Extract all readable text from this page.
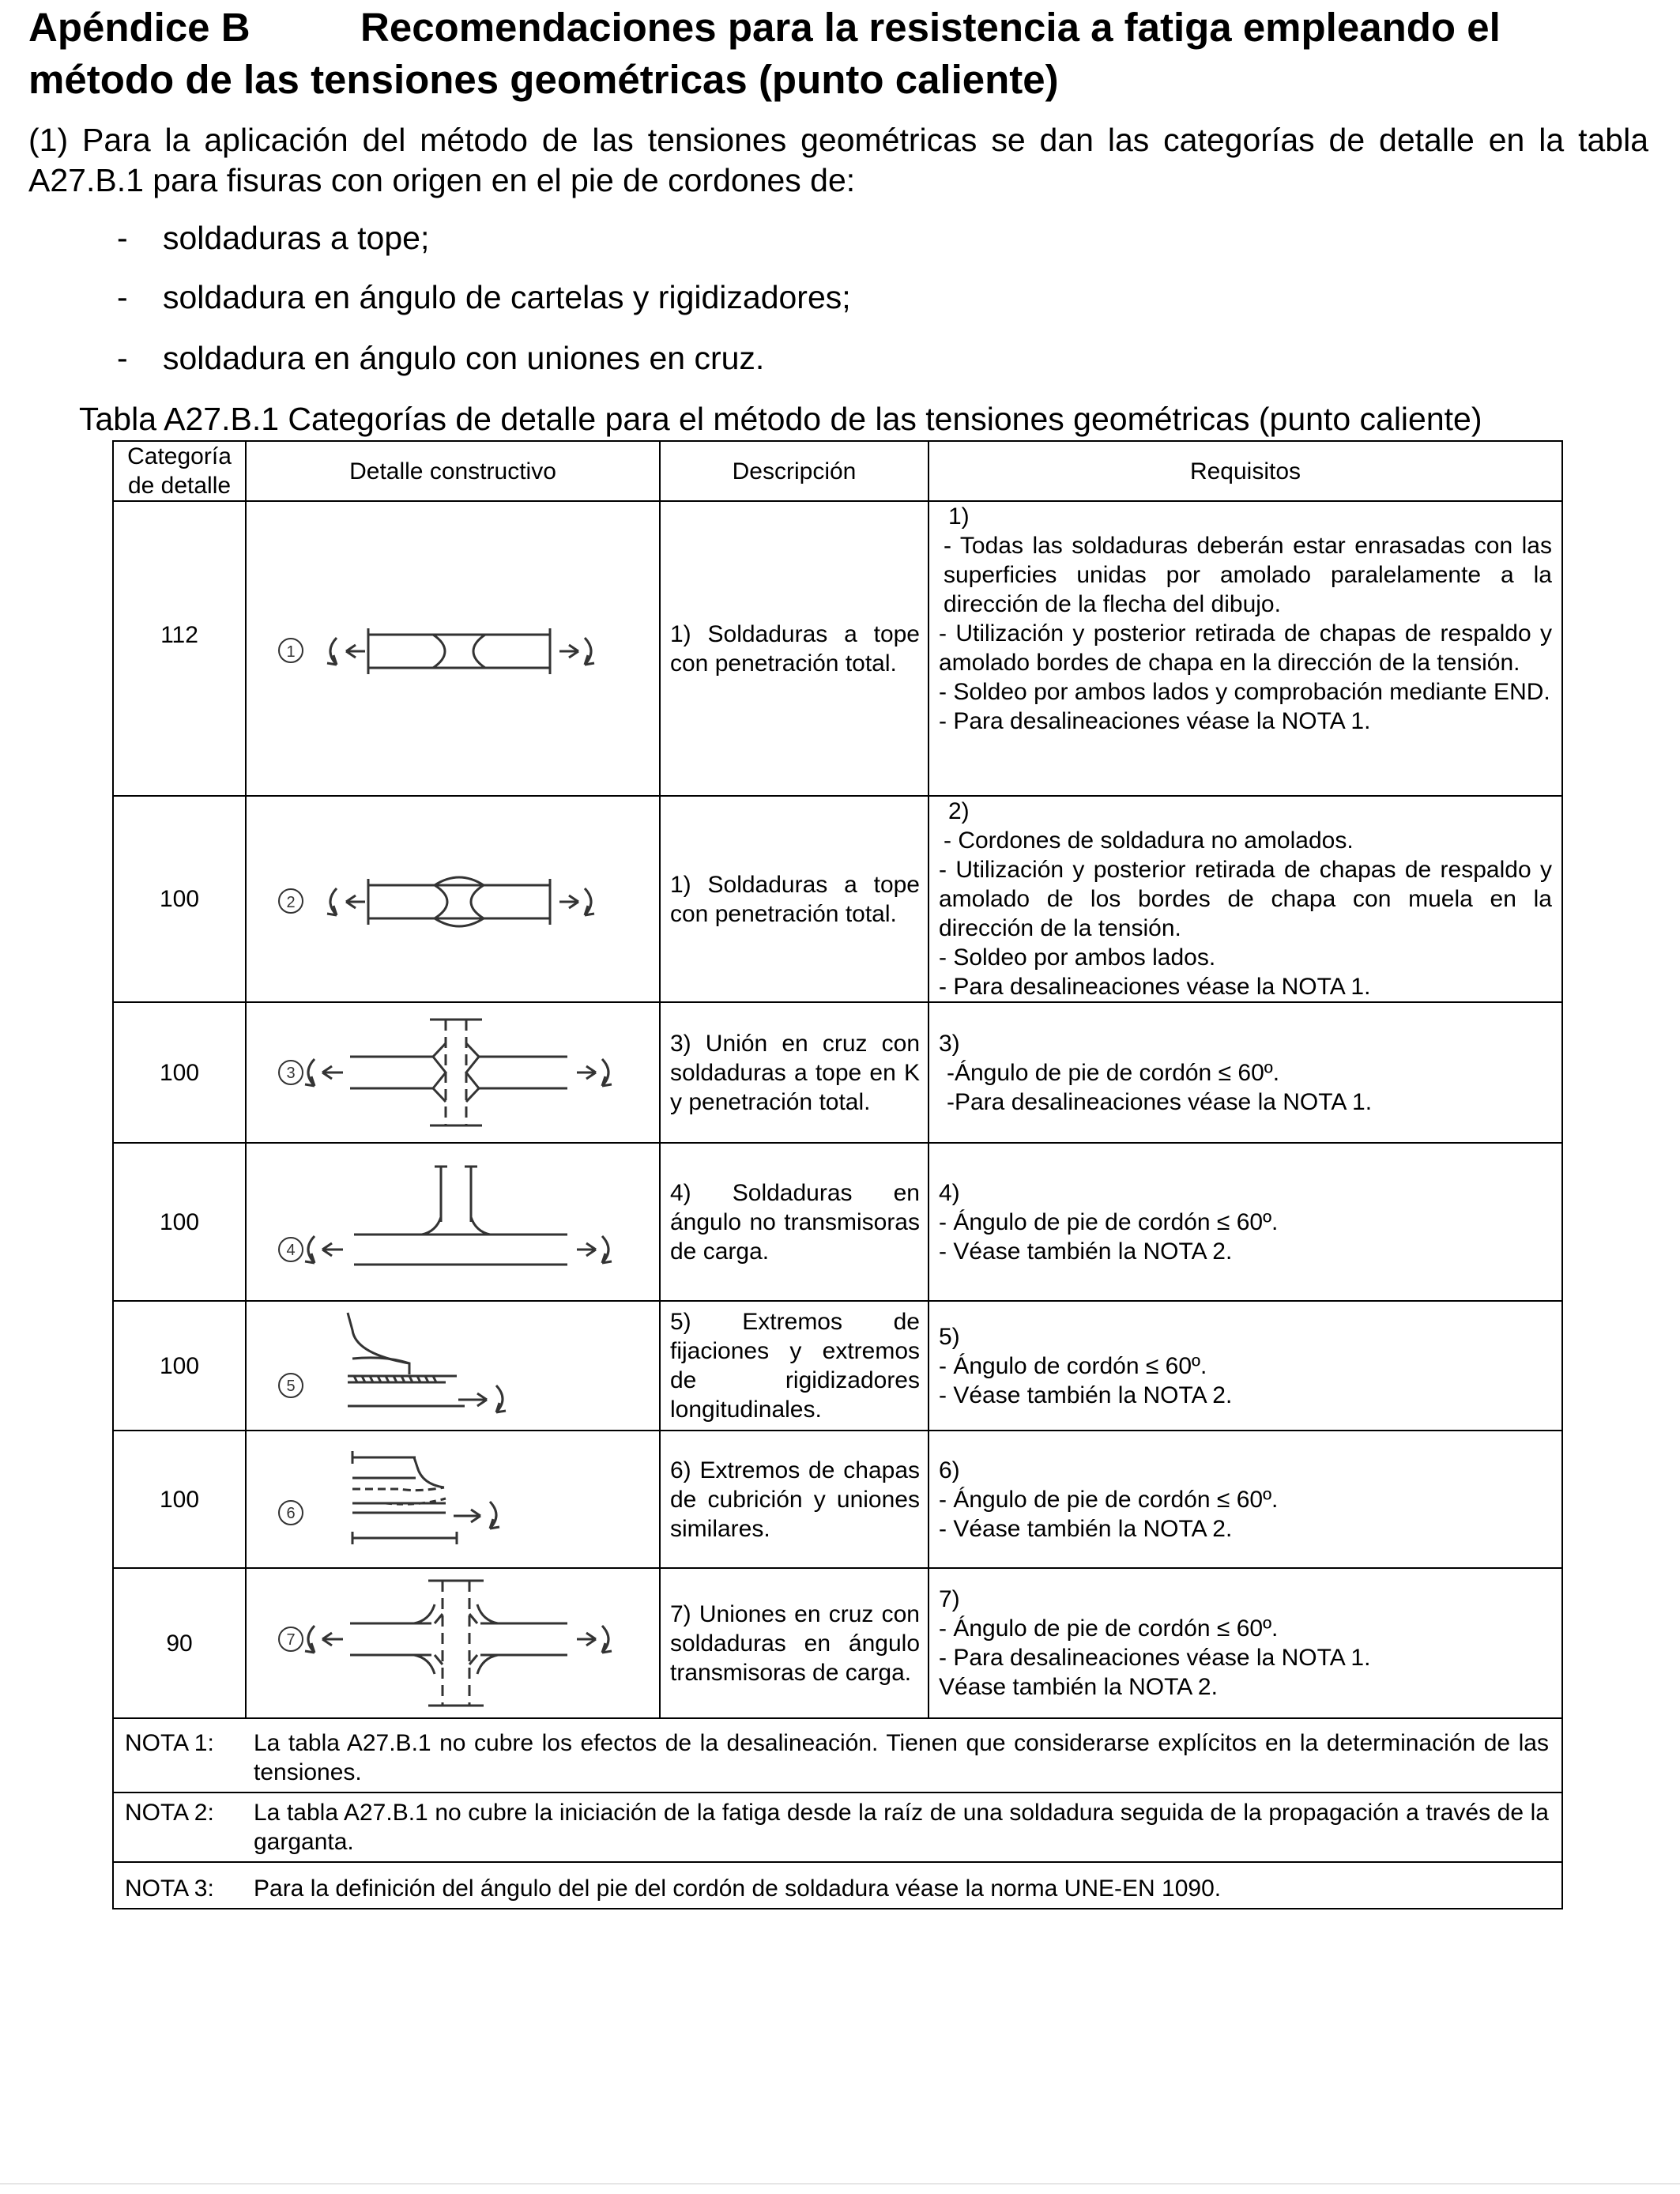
Apéndice B	Recomendaciones para la resistencia a fatiga empleando el método de las tensiones geométricas (punto caliente)

(1) Para la aplicación del método de las tensiones geométricas se dan las categorías de detalle en la tabla A27.B.1 para fisuras con origen en el pie de cordones de:

- soldaduras a tope;

- soldadura en ángulo de cartelas y rigidizadores;

- soldadura en ángulo con uniones en cruz.

Tabla A27.B.1 Categorías de detalle para el método de las tensiones geométricas (punto caliente)

Categoría de detalle	Detalle constructivo	Descripción	Requisitos
112	1	1) Soldaduras a tope con penetración total.	1)
- Todas las soldaduras deberán estar enrasadas con las superficies unidas por amolado paralelamente a la dirección de la flecha del dibujo.
- Utilización y posterior retirada de chapas de respaldo y amolado bordes de chapa en la dirección de la tensión.
- Soldeo por ambos lados y comprobación mediante END.
- Para desalineaciones véase la NOTA 1.

100	2	1) Soldaduras a tope con penetración total.	2)
- Cordones de soldadura no amolados.
- Utilización y posterior retirada de chapas de respaldo y amolado de los bordes de chapa con muela en la dirección de la tensión.
- Soldeo por ambos lados.
- Para desalineaciones véase la NOTA 1.

100	3	3) Unión en cruz con soldaduras a tope en K y penetración total.	3)
-Ángulo de pie de cordón ≤ 60º.
-Para desalineaciones véase la NOTA 1.

100	4	4) Soldaduras en ángulo no transmisoras de carga.	4)
- Ángulo de pie de cordón ≤ 60º.
- Véase también la NOTA 2.

100	5	5) Extremos de fijaciones y extremos de rigidizadores longitudinales.	5)
- Ángulo de cordón ≤ 60º.
- Véase también la NOTA 2.

100	6	6) Extremos de chapas de cubrición y uniones similares.	6)
- Ángulo de pie de cordón ≤ 60º.
- Véase también la NOTA 2.

90	7	7) Uniones en cruz con soldaduras en ángulo transmisoras de carga.	7)
- Ángulo de pie de cordón ≤ 60º.
- Para desalineaciones véase la NOTA 1.
Véase también la NOTA 2.

NOTA 1:	La tabla A27.B.1 no cubre los efectos de la desalineación. Tienen que considerarse explícitos en la determinación de las tensiones.		
NOTA 2:	La tabla A27.B.1 no cubre la iniciación de la fatiga desde la raíz de una soldadura seguida de la propagación a través de la garganta.		
NOTA 3:	Para la definición del ángulo del pie del cordón de soldadura véase la norma UNE-EN 1090.		
